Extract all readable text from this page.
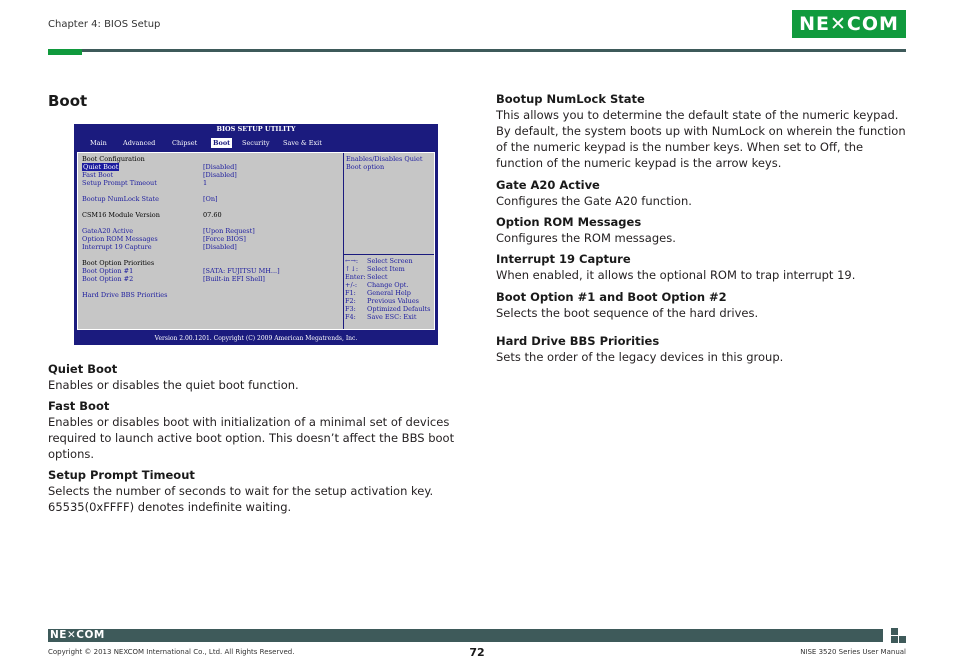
Chapter 4: BIOS Setup	NE✕COM
Boot
BIOS SETUP UTILITY
Main	Advanced	Chipset	Boot	Security	Save & Exit
Boot Configuration
Quiet Boot	[Disabled]
Fast Boot	[Disabled]
Setup Prompt Timeout	1
Bootup NumLock State	[On]
CSM16 Module Version	07.60
GateA20 Active	[Upon Request]
Option ROM Messages	[Force BIOS]
Interrupt 19 Capture	[Disabled]
Boot Option Priorities
Boot Option #1	[SATA: FUJITSU MH...]
Boot Option #2	[Built-in EFI Shell]
Hard Drive BBS Priorities
Enables/Disables Quiet
Boot option
←→: Select Screen
↑↓: Select Item
Enter: Select
+/-: Change Opt.
F1: General Help
F2: Previous Values
F3: Optimized Defaults
F4: Save ESC: Exit
Version 2.00.1201. Copyright (C) 2009 American Megatrends, Inc.
Quiet Boot

Enables or disables the quiet boot function.

Fast Boot

Enables or disables boot with initialization of a minimal set of devices required to launch active boot option. This doesn’t affect the BBS boot options.

Setup Prompt Timeout

Selects the number of seconds to wait for the setup activation key. 65535(0xFFFF) denotes indefinite waiting.

Bootup NumLock State

This allows you to determine the default state of the numeric keypad. By default, the system boots up with NumLock on wherein the function of the numeric keypad is the number keys. When set to Off, the function of the numeric keypad is the arrow keys.

Gate A20 Active

Configures the Gate A20 function.

Option ROM Messages

Configures the ROM messages.

Interrupt 19 Capture

When enabled, it allows the optional ROM to trap interrupt 19.

Boot Option #1 and Boot Option #2

Selects the boot sequence of the hard drives.

Hard Drive BBS Priorities

Sets the order of the legacy devices in this group.

NE✕COM
Copyright © 2013 NEXCOM International Co., Ltd. All Rights Reserved.	72	NISE 3520 Series User Manual
